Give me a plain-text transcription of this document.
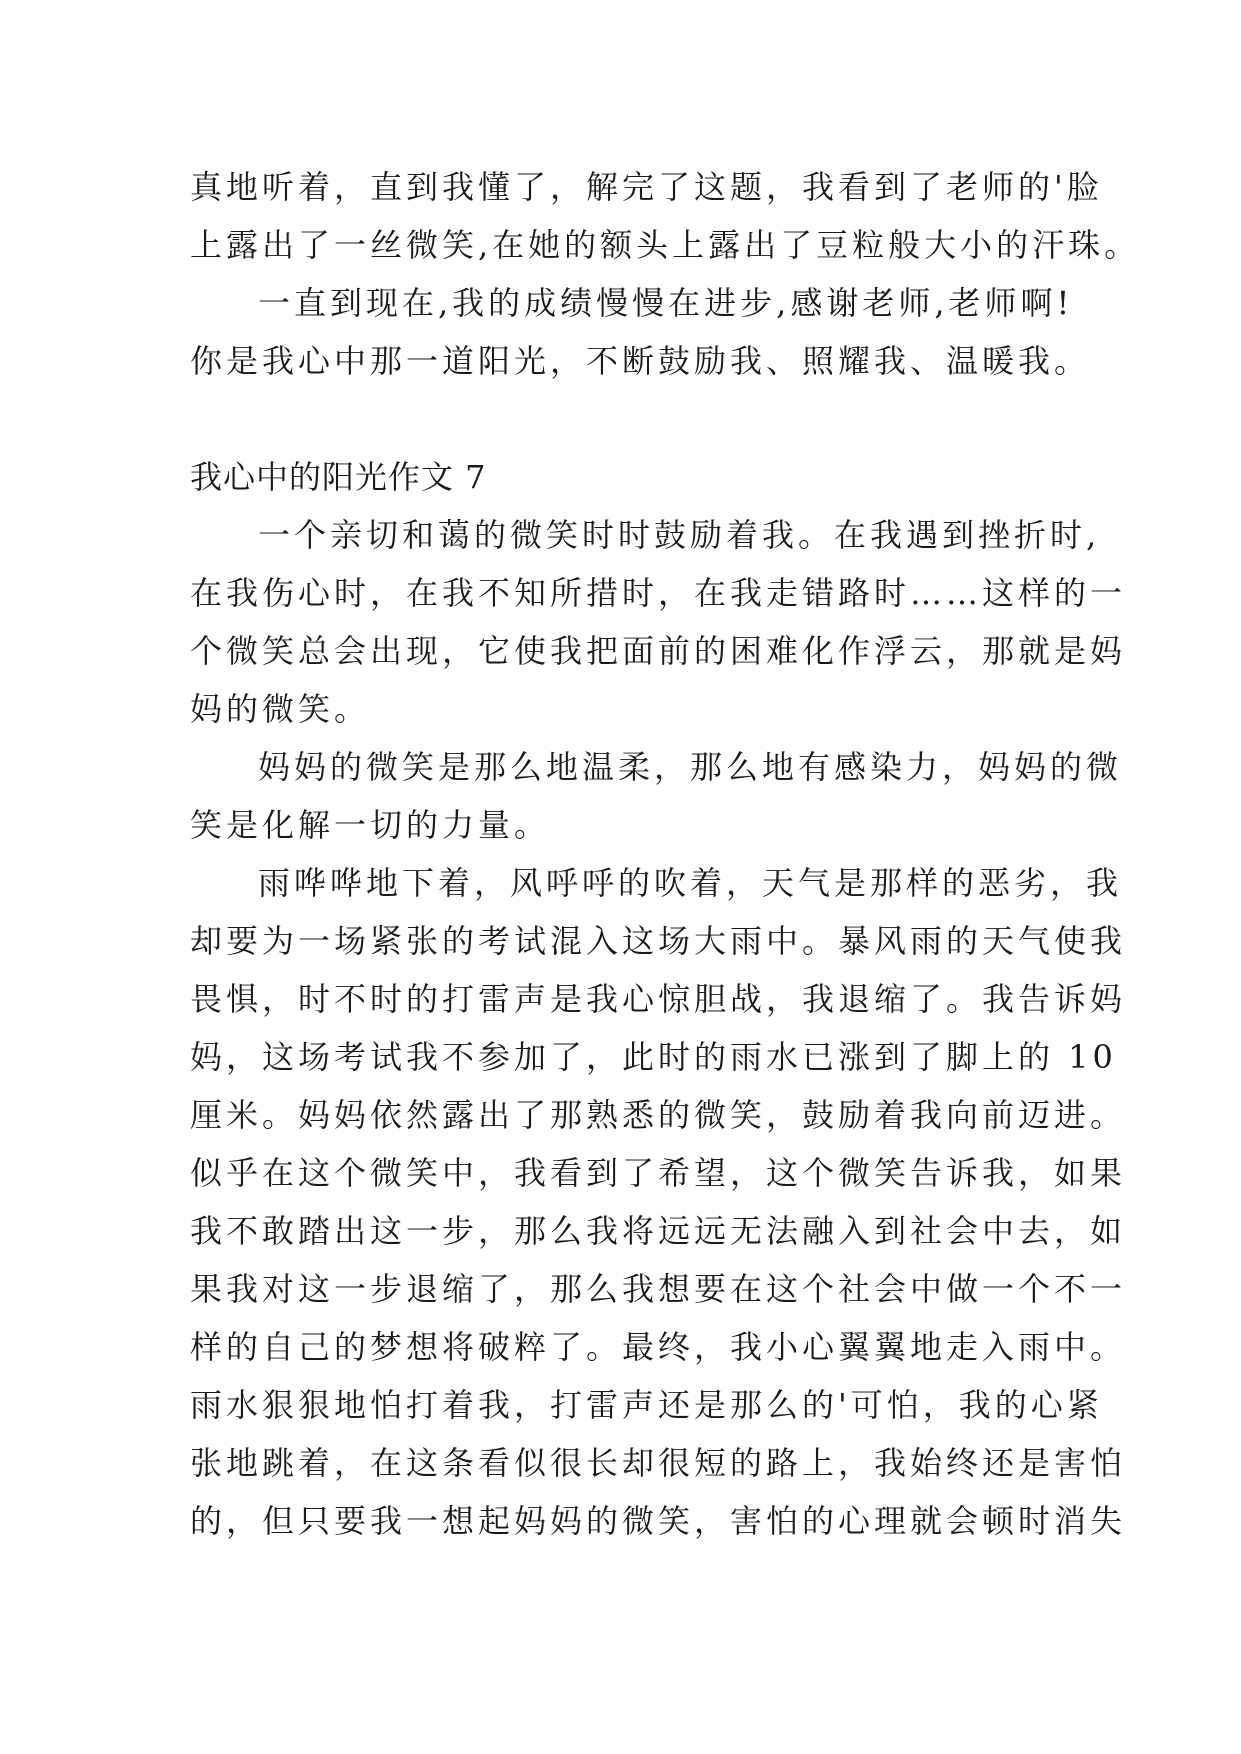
真地听着，直到我懂了，解完了这题，我看到了老师的'脸
上露出了一丝微笑,在她的额头上露出了豆粒般大小的汗珠。
一直到现在,我的成绩慢慢在进步,感谢老师,老师啊!
你是我心中那一道阳光，不断鼓励我、照耀我、温暖我。
我心中的阳光作文 7
一个亲切和蔼的微笑时时鼓励着我。在我遇到挫折时,
在我伤心时，在我不知所措时，在我走错路时……这样的一
个微笑总会出现，它使我把面前的困难化作浮云，那就是妈
妈的微笑。
妈妈的微笑是那么地温柔，那么地有感染力，妈妈的微
笑是化解一切的力量。
雨哗哗地下着，风呼呼的吹着，天气是那样的恶劣，我
却要为一场紧张的考试混入这场大雨中。暴风雨的天气使我
畏惧，时不时的打雷声是我心惊胆战，我退缩了。我告诉妈
妈，这场考试我不参加了，此时的雨水已涨到了脚上的 10
厘米。妈妈依然露出了那熟悉的微笑，鼓励着我向前迈进。
似乎在这个微笑中，我看到了希望，这个微笑告诉我，如果
我不敢踏出这一步，那么我将远远无法融入到社会中去，如
果我对这一步退缩了，那么我想要在这个社会中做一个不一
样的自己的梦想将破粹了。最终，我小心翼翼地走入雨中。
雨水狠狠地怕打着我，打雷声还是那么的'可怕，我的心紧
张地跳着，在这条看似很长却很短的路上，我始终还是害怕
的，但只要我一想起妈妈的微笑，害怕的心理就会顿时消失
